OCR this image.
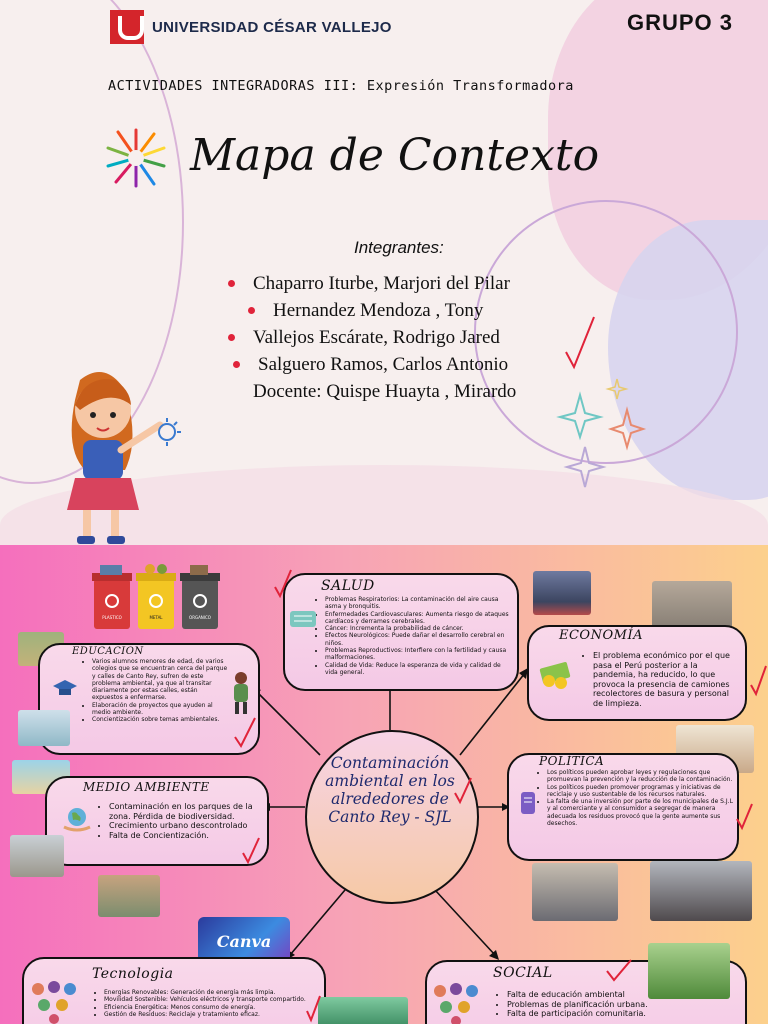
UNIVERSIDAD CÉSAR VALLEJO	GRUPO 3
ACTIVIDADES INTEGRADORAS III: Expresión Transformadora
Mapa de Contexto
Integrantes:
Chaparro Iturbe, Marjori del Pilar
Hernandez Mendoza , Tony
Vallejos Escárate, Rodrigo Jared
Salguero Ramos, Carlos Antonio
Docente: Quispe Huayta , Mirardo
PLASTICO	METAL	ORGANICO
EDUCACION
• Varios alumnos menores de edad, de varios colegios que se encuentran cerca del parque y calles de Canto Rey, sufren de este problema ambiental, ya que al transitar diariamente por estas calles, están expuestos a enfermarse.
• Elaboración de proyectos que ayuden al medio ambiente.
• Concientización sobre temas ambientales.
SALUD
• Problemas Respiratorios: La contaminación del aire causa asma y bronquitis.
• Enfermedades Cardiovasculares: Aumenta riesgo de ataques cardíacos y derrames cerebrales.
• Cáncer: Incrementa la probabilidad de cáncer.
• Efectos Neurológicos: Puede dañar el desarrollo cerebral en niños.
• Problemas Reproductivos: Interfiere con la fertilidad y causa malformaciones.
• Calidad de Vida: Reduce la esperanza de vida y calidad de vida general.
ECONOMÍA
• El problema económico por el que pasa el Perú posterior a la pandemia, ha reducido, lo que provoca la presencia de camiones recolectores de basura y personal de limpieza.
Contaminación ambiental en los alrededores de Canto Rey - SJL
MEDIO AMBIENTE
• Contaminación en los parques de la zona. Pérdida de biodiversidad.
• Crecimiento urbano descontrolado
• Falta de Concientización.
POLÍTICA
• Los políticos pueden aprobar leyes y regulaciones que promuevan la prevención y la reducción de la contaminación.
• Los políticos pueden promover programas y iniciativas de reciclaje y uso sustentable de los recursos naturales.
• La falta de una inversión por parte de los municipales de S.J.L y al comerciante y al consumidor a segregar de manera adecuada los residuos provocó que la gente aumente sus desechos.
Canva
Tecnologia
• Energías Renovables: Generación de energía más limpia.
• Movilidad Sostenible: Vehículos eléctricos y transporte compartido.
• Eficiencia Energética: Menos consumo de energía.
• Gestión de Residuos: Reciclaje y tratamiento eficaz.
SOCIAL
• Falta de educación ambiental
• Problemas de planificación urbana.
• Falta de participación comunitaria.
